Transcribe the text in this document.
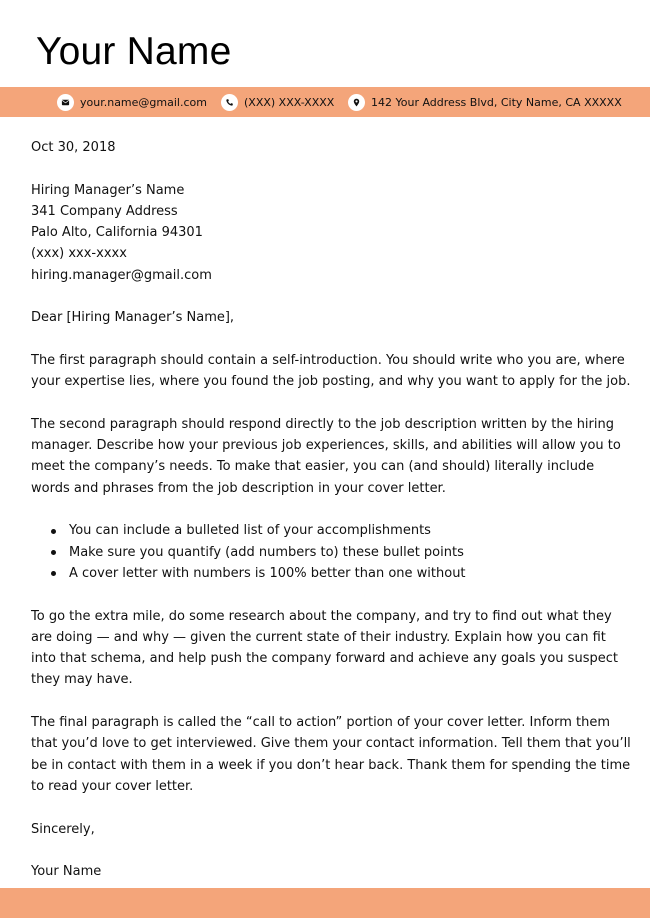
Your Name
your.name@gmail.com	(XXX) XXX-XXXX	142 Your Address Blvd, City Name, CA XXXXX

Oct 30, 2018

Hiring Manager’s Name

341 Company Address

Palo Alto, California 94301

(xxx) xxx-xxxx

hiring.manager@gmail.com

Dear [Hiring Manager’s Name],

The first paragraph should contain a self-introduction. You should write who you are, where your expertise lies, where you found the job posting, and why you want to apply for the job.

The second paragraph should respond directly to the job description written by the hiring manager. Describe how your previous job experiences, skills, and abilities will allow you to meet the company’s needs. To make that easier, you can (and should) literally include words and phrases from the job description in your cover letter.

You can include a bulleted list of your accomplishments
Make sure you quantify (add numbers to) these bullet points
A cover letter with numbers is 100% better than one without

To go the extra mile, do some research about the company, and try to find out what they are doing — and why — given the current state of their industry. Explain how you can fit into that schema, and help push the company forward and achieve any goals you suspect they may have.

The final paragraph is called the “call to action” portion of your cover letter. Inform them that you’d love to get interviewed. Give them your contact information. Tell them that you’ll be in contact with them in a week if you don’t hear back. Thank them for spending the time to read your cover letter.

Sincerely,

Your Name
